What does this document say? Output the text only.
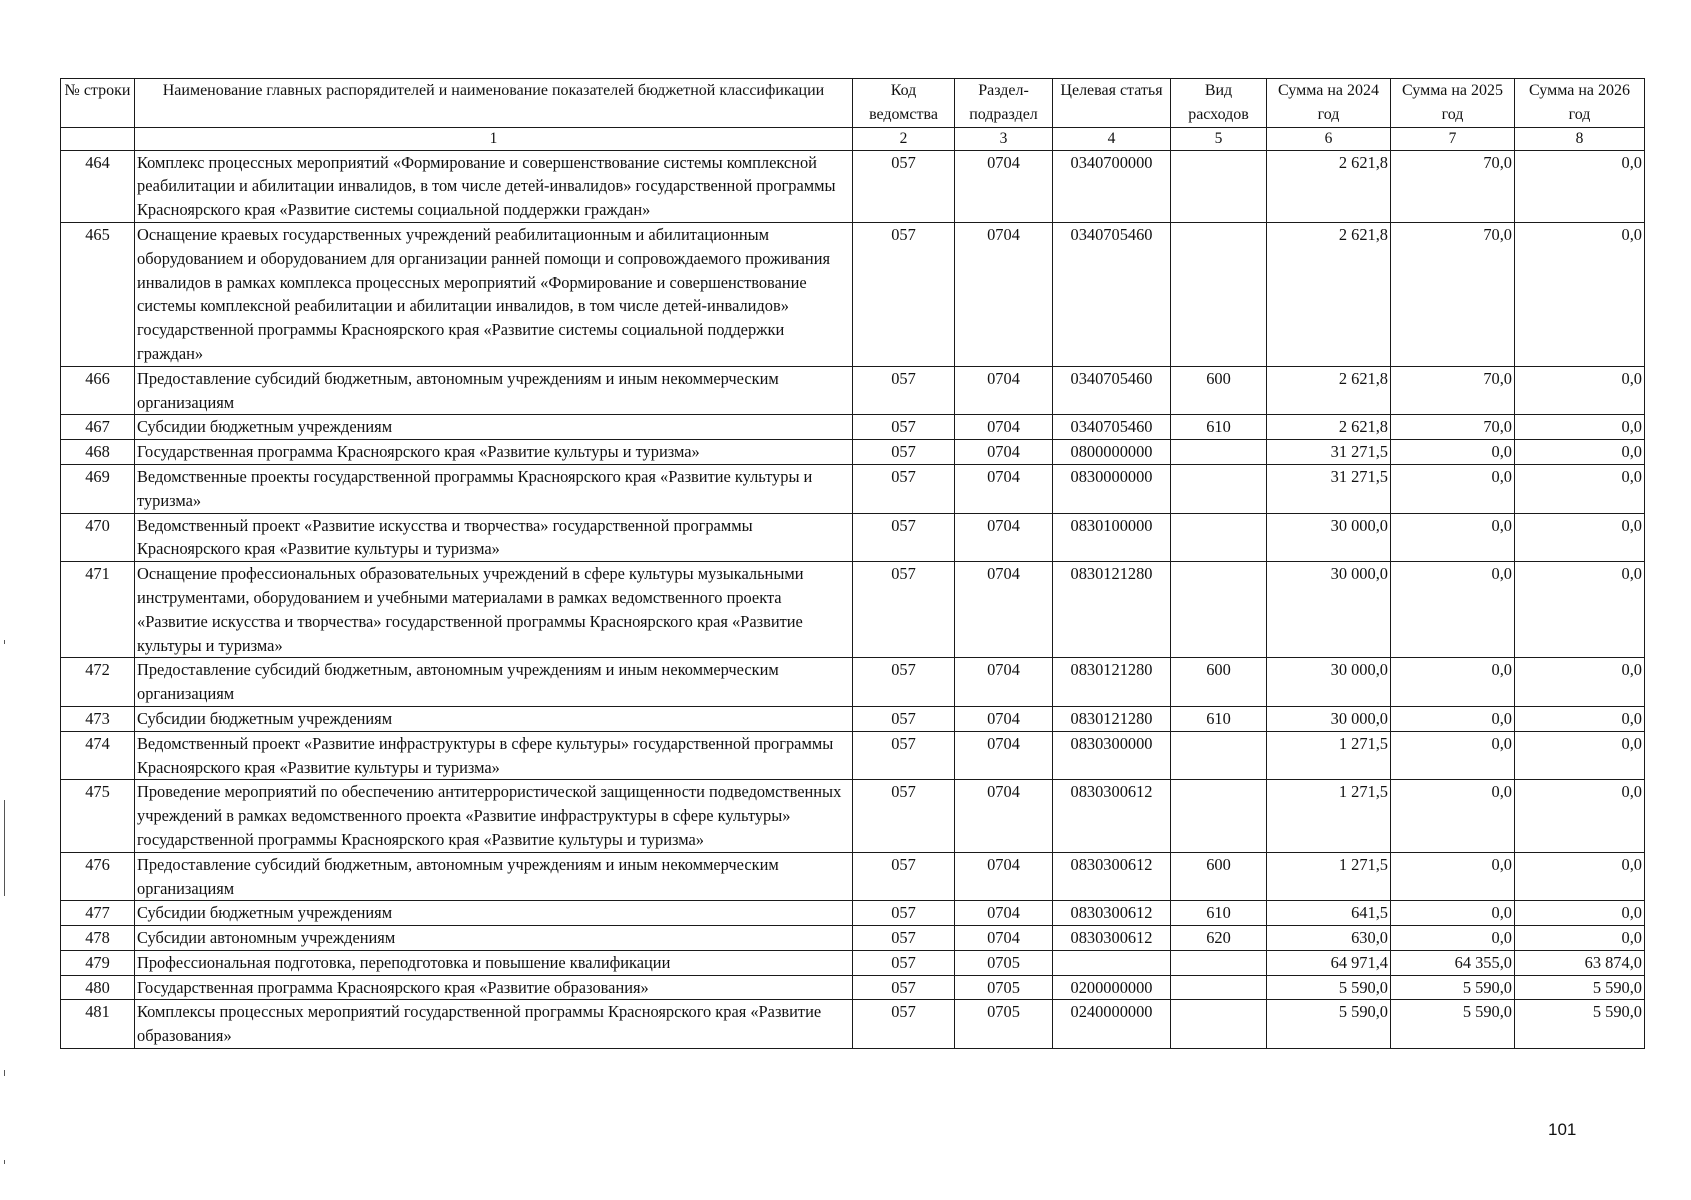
№ строки	Наименование главных распорядителей и наименование показателей бюджетной классификации	Код ведомства	Раздел-подраздел	Целевая статья	Вид расходов	Сумма на 2024 год	Сумма на 2025 год	Сумма на 2026 год
	1	2	3	4	5	6	7	8
464	Комплекс процессных мероприятий «Формирование и совершенствование системы комплексной реабилитации и абилитации инвалидов, в том числе детей-инвалидов» государственной программы Красноярского края «Развитие системы социальной поддержки граждан»	057	0704	0340700000		2 621,8	70,0	0,0
465	Оснащение краевых государственных учреждений реабилитационным и абилитационным оборудованием и оборудованием для организации ранней помощи и сопровождаемого проживания инвалидов в рамках комплекса процессных мероприятий «Формирование и совершенствование системы комплексной реабилитации и абилитации инвалидов, в том числе детей-инвалидов» государственной программы Красноярского края «Развитие системы социальной поддержки граждан»	057	0704	0340705460		2 621,8	70,0	0,0
466	Предоставление субсидий бюджетным, автономным учреждениям и иным некоммерческим организациям	057	0704	0340705460	600	2 621,8	70,0	0,0
467	Субсидии бюджетным учреждениям	057	0704	0340705460	610	2 621,8	70,0	0,0
468	Государственная программа Красноярского края «Развитие культуры и туризма»	057	0704	0800000000		31 271,5	0,0	0,0
469	Ведомственные проекты государственной программы Красноярского края «Развитие культуры и туризма»	057	0704	0830000000		31 271,5	0,0	0,0
470	Ведомственный проект «Развитие искусства и творчества» государственной программы Красноярского края «Развитие культуры и туризма»	057	0704	0830100000		30 000,0	0,0	0,0
471	Оснащение профессиональных образовательных учреждений в сфере культуры музыкальными инструментами, оборудованием и учебными материалами в рамках ведомственного проекта «Развитие искусства и творчества» государственной программы Красноярского края «Развитие культуры и туризма»	057	0704	0830121280		30 000,0	0,0	0,0
472	Предоставление субсидий бюджетным, автономным учреждениям и иным некоммерческим организациям	057	0704	0830121280	600	30 000,0	0,0	0,0
473	Субсидии бюджетным учреждениям	057	0704	0830121280	610	30 000,0	0,0	0,0
474	Ведомственный проект «Развитие инфраструктуры в сфере культуры» государственной программы Красноярского края «Развитие культуры и туризма»	057	0704	0830300000		1 271,5	0,0	0,0
475	Проведение мероприятий по обеспечению антитеррористической защищенности подведомственных учреждений в рамках ведомственного проекта «Развитие инфраструктуры в сфере культуры» государственной программы Красноярского края «Развитие культуры и туризма»	057	0704	0830300612		1 271,5	0,0	0,0
476	Предоставление субсидий бюджетным, автономным учреждениям и иным некоммерческим организациям	057	0704	0830300612	600	1 271,5	0,0	0,0
477	Субсидии бюджетным учреждениям	057	0704	0830300612	610	641,5	0,0	0,0
478	Субсидии автономным учреждениям	057	0704	0830300612	620	630,0	0,0	0,0
479	Профессиональная подготовка, переподготовка и повышение квалификации	057	0705			64 971,4	64 355,0	63 874,0
480	Государственная программа Красноярского края «Развитие образования»	057	0705	0200000000		5 590,0	5 590,0	5 590,0
481	Комплексы процессных мероприятий государственной программы Красноярского края «Развитие образования»	057	0705	0240000000		5 590,0	5 590,0	5 590,0
101
